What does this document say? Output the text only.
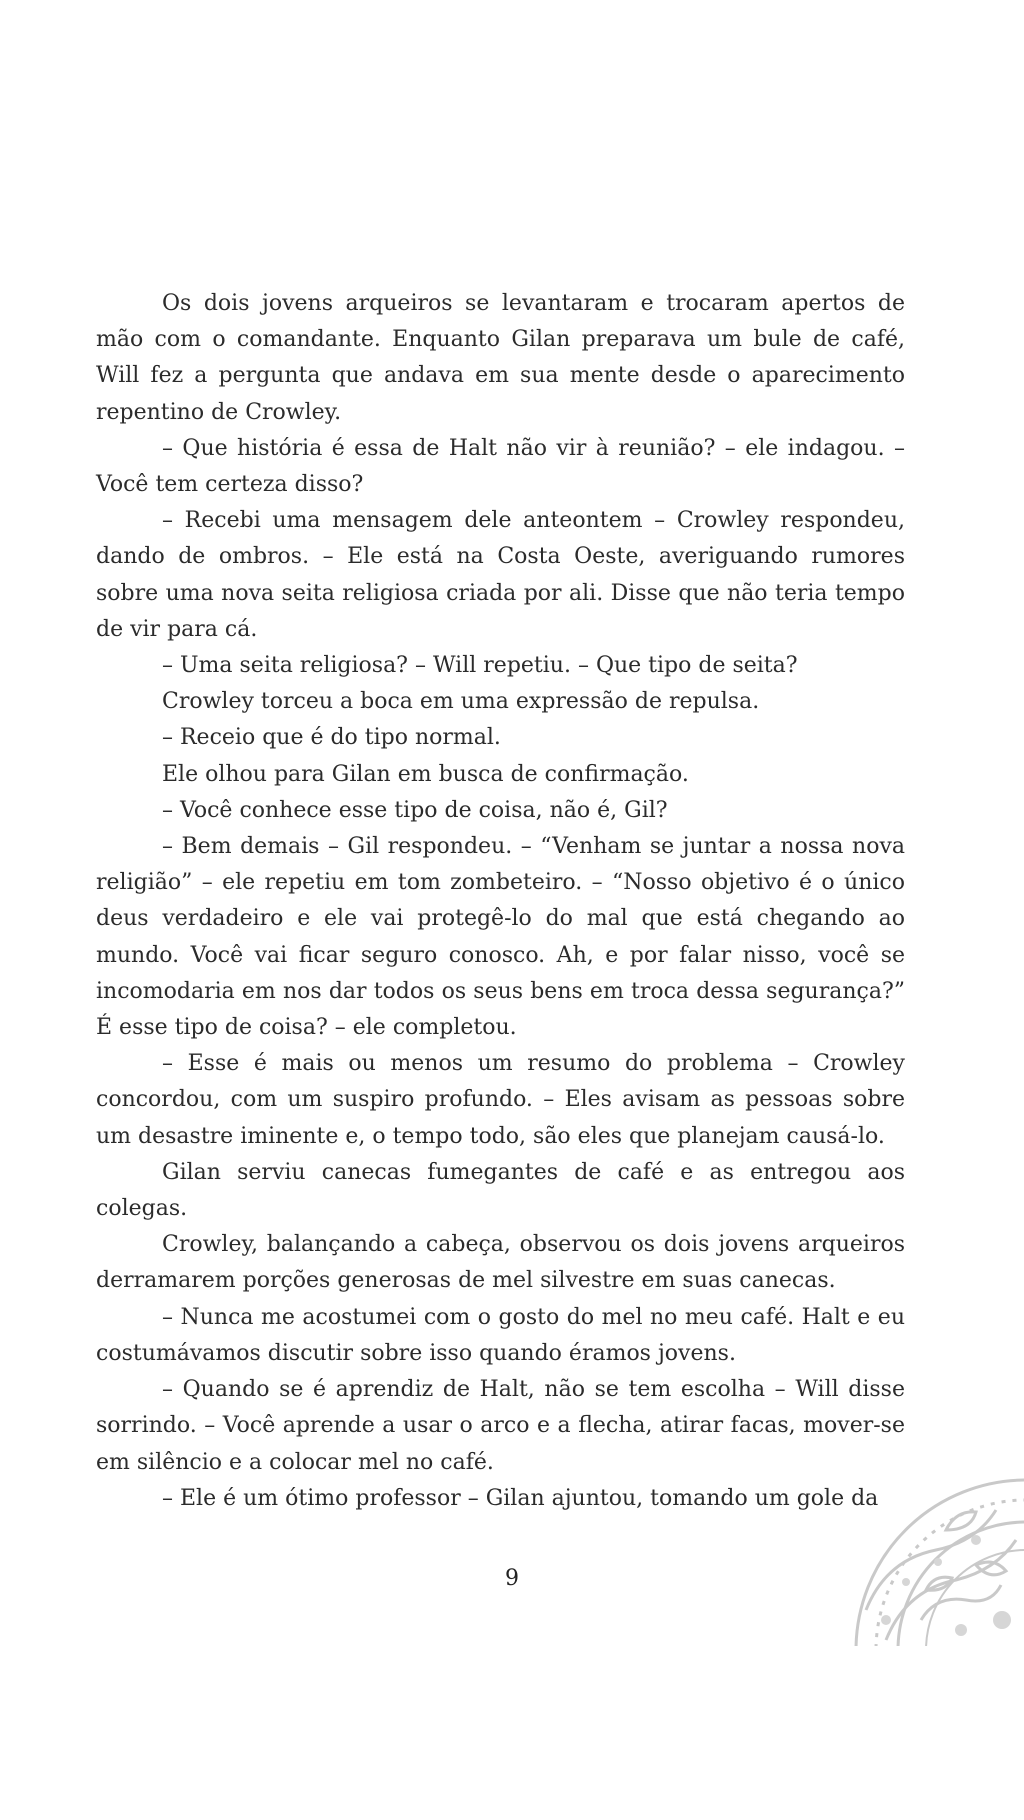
Os dois jovens arqueiros se levantaram e trocaram apertos de mão com o comandante. Enquanto Gilan preparava um bule de café, Will fez a pergunta que andava em sua mente desde o aparecimento repentino de Crowley.

– Que história é essa de Halt não vir à reunião? – ele indagou. – Você tem certeza disso?

– Recebi uma mensagem dele anteontem – Crowley respondeu, dando de ombros. – Ele está na Costa Oeste, averiguando rumores sobre uma nova seita religiosa criada por ali. Disse que não teria tempo de vir para cá.

– Uma seita religiosa? – Will repetiu. – Que tipo de seita?

Crowley torceu a boca em uma expressão de repulsa.

– Receio que é do tipo normal.

Ele olhou para Gilan em busca de confirmação.

– Você conhece esse tipo de coisa, não é, Gil?

– Bem demais – Gil respondeu. – “Venham se juntar a nossa nova religião” – ele repetiu em tom zombeteiro. – “Nosso objetivo é o único deus verdadeiro e ele vai protegê-lo do mal que está chegando ao mundo. Você vai ficar seguro conosco. Ah, e por falar nisso, você se incomodaria em nos dar todos os seus bens em troca dessa segurança?” É esse tipo de coisa? – ele completou.

– Esse é mais ou menos um resumo do problema – Crowley concordou, com um suspiro profundo. – Eles avisam as pessoas sobre um desastre iminente e, o tempo todo, são eles que planejam causá-lo.

Gilan serviu canecas fumegantes de café e as entregou aos colegas.

Crowley, balançando a cabeça, observou os dois jovens arqueiros derramarem porções generosas de mel silvestre em suas canecas.

– Nunca me acostumei com o gosto do mel no meu café. Halt e eu costumávamos discutir sobre isso quando éramos jovens.

– Quando se é aprendiz de Halt, não se tem escolha – Will disse sorrindo. – Você aprende a usar o arco e a flecha, atirar facas, mover-se em silêncio e a colocar mel no café.

– Ele é um ótimo professor – Gilan ajuntou, tomando um gole da

9
